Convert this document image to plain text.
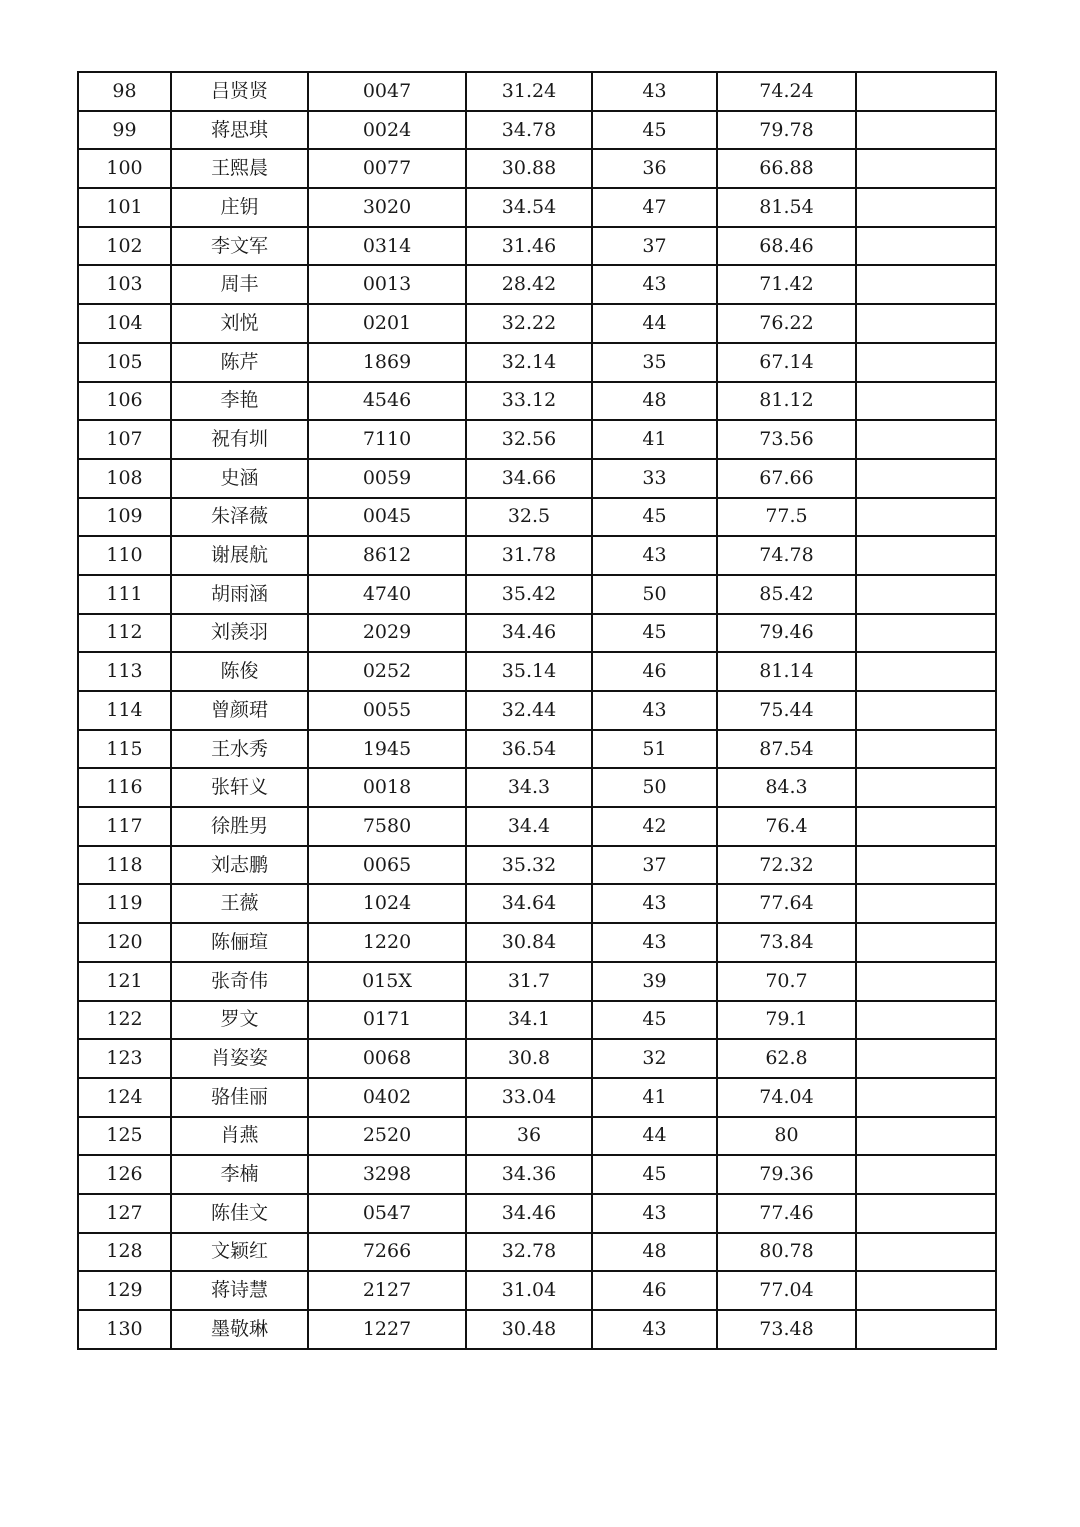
98	吕贤贤	0047	31.24	43	74.24	
99	蒋思琪	0024	34.78	45	79.78	
100	王熙晨	0077	30.88	36	66.88	
101	庄钥	3020	34.54	47	81.54	
102	李文军	0314	31.46	37	68.46	
103	周丰	0013	28.42	43	71.42	
104	刘悦	0201	32.22	44	76.22	
105	陈芹	1869	32.14	35	67.14	
106	李艳	4546	33.12	48	81.12	
107	祝有圳	7110	32.56	41	73.56	
108	史涵	0059	34.66	33	67.66	
109	朱泽薇	0045	32.5	45	77.5	
110	谢展航	8612	31.78	43	74.78	
111	胡雨涵	4740	35.42	50	85.42	
112	刘羡羽	2029	34.46	45	79.46	
113	陈俊	0252	35.14	46	81.14	
114	曾颜珺	0055	32.44	43	75.44	
115	王水秀	1945	36.54	51	87.54	
116	张轩义	0018	34.3	50	84.3	
117	徐胜男	7580	34.4	42	76.4	
118	刘志鹏	0065	35.32	37	72.32	
119	王薇	1024	34.64	43	77.64	
120	陈俪瑄	1220	30.84	43	73.84	
121	张奇伟	015X	31.7	39	70.7	
122	罗文	0171	34.1	45	79.1	
123	肖姿姿	0068	30.8	32	62.8	
124	骆佳丽	0402	33.04	41	74.04	
125	肖燕	2520	36	44	80	
126	李楠	3298	34.36	45	79.36	
127	陈佳文	0547	34.46	43	77.46	
128	文颖红	7266	32.78	48	80.78	
129	蒋诗慧	2127	31.04	46	77.04	
130	墨敬琳	1227	30.48	43	73.48	
